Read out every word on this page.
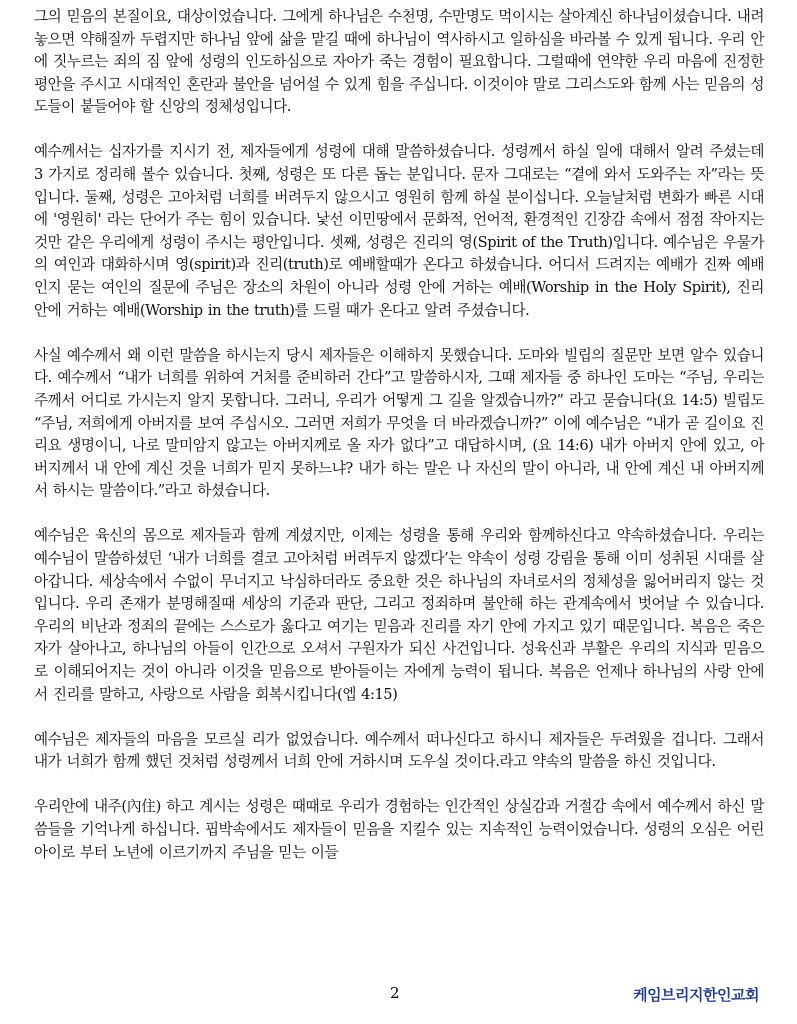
그의 믿음의 본질이요, 대상이었습니다. 그에게 하나님은 수천명, 수만명도 먹이시는 살아계신 하나님이셨습니다. 내려놓으면 약해질까 두렵지만 하나님 앞에 삶을 맡길 때에 하나님이 역사하시고 일하심을 바라볼 수 있게 됩니다. 우리 안에 짓누르는 죄의 짐 앞에 성령의 인도하심으로 자아가 죽는 경험이 필요합니다. 그럴때에 연약한 우리 마음에 진정한 평안을 주시고 시대적인 혼란과 불안을 넘어설 수 있게 힘을 주십니다. 이것이야 말로 그리스도와 함께 사는 믿음의 성도들이 붙들어야 할 신앙의 정체성입니다.

예수께서는 십자가를 지시기 전, 제자들에게 성령에 대해 말씀하셨습니다. 성령께서 하실 일에 대해서 알려 주셨는데 3 가지로 정리해 볼수 있습니다. 첫째, 성령은 또 다른 돕는 분입니다. 문자 그대로는 “곁에 와서 도와주는 자”라는 뜻입니다. 둘째, 성령은 고아처럼 너희를 버려두지 않으시고 영원히 함께 하실 분이십니다. 오늘날처럼 변화가 빠른 시대에 '영원히' 라는 단어가 주는 힘이 있습니다. 낯선 이민땅에서 문화적, 언어적, 환경적인 긴장감 속에서 점점 작아지는 것만 같은 우리에게 성령이 주시는 평안입니다. 셋째, 성령은 진리의 영(Spirit of the Truth)입니다. 예수님은 우물가의 여인과 대화하시며 영(spirit)과 진리(truth)로 예배할때가 온다고 하셨습니다. 어디서 드려지는 예배가 진짜 예배인지 묻는 여인의 질문에 주님은 장소의 차원이 아니라 성령 안에 거하는 예배(Worship in the Holy Spirit), 진리 안에 거하는 예배(Worship in the truth)를 드릴 때가 온다고 알려 주셨습니다.

사실 예수께서 왜 이런 말씀을 하시는지 당시 제자들은 이해하지 못했습니다. 도마와 빌립의 질문만 보면 알수 있습니다. 예수께서 “내가 너희를 위하여 거처를 준비하러 간다”고 말씀하시자, 그때 제자들 중 하나인 도마는 “주님, 우리는 주께서 어디로 가시는지 알지 못합니다. 그러니, 우리가 어떻게 그 길을 알겠습니까?” 라고 묻습니다(요 14:5) 빌립도 “주님, 저희에게 아버지를 보여 주십시오. 그러면 저희가 무엇을 더 바라겠습니까?” 이에 예수님은 “내가 곧 길이요 진리요 생명이니, 나로 말미암지 않고는 아버지께로 올 자가 없다”고 대답하시며, (요 14:6) 내가 아버지 안에 있고, 아버지께서 내 안에 계신 것을 너희가 믿지 못하느냐? 내가 하는 말은 나 자신의 말이 아니라, 내 안에 계신 내 아버지께서 하시는 말씀이다.”라고 하셨습니다.

예수님은 육신의 몸으로 제자들과 함께 계셨지만, 이제는 성령을 통해 우리와 함께하신다고 약속하셨습니다. 우리는 예수님이 말씀하셨던 ‘내가 너희를 결코 고아처럼 버려두지 않겠다’는 약속이 성령 강림을 통해 이미 성취된 시대를 살아갑니다. 세상속에서 수없이 무너지고 낙심하더라도 중요한 것은 하나님의 자녀로서의 정체성을 잃어버리지 않는 것입니다. 우리 존재가 분명해질때 세상의 기준과 판단, 그리고 정죄하며 불안해 하는 관계속에서 벗어날 수 있습니다. 우리의 비난과 정죄의 끝에는 스스로가 옳다고 여기는 믿음과 진리를 자기 안에 가지고 있기 때문입니다. 복음은 죽은 자가 살아나고, 하나님의 아들이 인간으로 오셔서 구원자가 되신 사건입니다. 성육신과 부활은 우리의 지식과 믿음으로 이해되어지는 것이 아니라 이것을 믿음으로 받아들이는 자에게 능력이 됩니다. 복음은 언제나 하나님의 사랑 안에서 진리를 말하고, 사랑으로 사람을 회복시킵니다(엡 4:15)

예수님은 제자들의 마음을 모르실 리가 없었습니다. 예수께서 떠나신다고 하시니 제자들은 두려웠을 겁니다. 그래서 내가 너희가 함께 했던 것처럼 성령께서 너희 안에 거하시며 도우실 것이다.라고 약속의 말씀을 하신 것입니다.

우리안에 내주(內住) 하고 계시는 성령은 때때로 우리가 경험하는 인간적인 상실감과 거절감 속에서 예수께서 하신 말씀들을 기억나게 하십니다. 핍박속에서도 제자들이 믿음을 지킬수 있는 지속적인 능력이었습니다. 성령의 오심은 어린아이로 부터 노년에 이르기까지 주님을 믿는 이들

2	케임브리지한인교회
